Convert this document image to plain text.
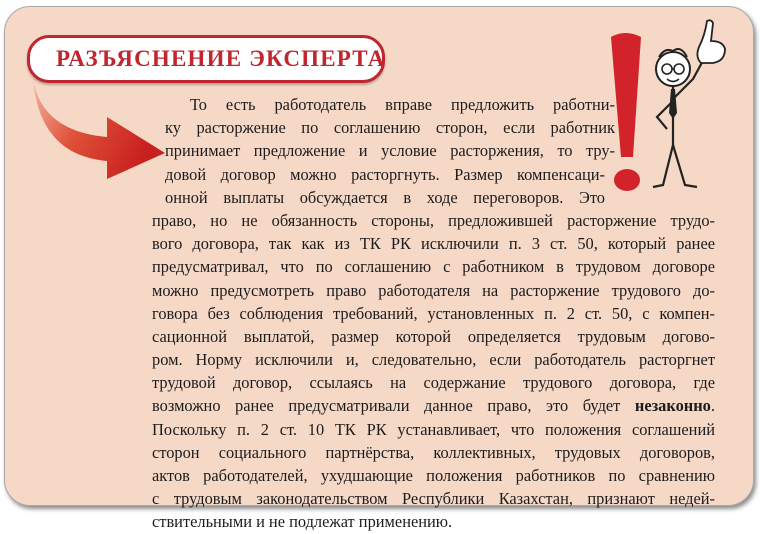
РАЗЪЯСНЕНИЕ ЭКСПЕРТА
То есть работодатель вправе предложить работни-
ку расторжение по соглашению сторон, если работник
принимает предложение и условие расторжения, то тру-
довой договор можно расторгнуть. Размер компенсаци-
онной выплаты обсуждается в ходе переговоров. Это
право, но не обязанность стороны, предложившей расторжение трудо-
вого договора, так как из ТК РК исключили п. 3 ст. 50, который ранее
предусматривал, что по соглашению с работником в трудовом договоре
можно предусмотреть право работодателя на расторжение трудового до-
говора без соблюдения требований, установленных п. 2 ст. 50, с компен-
сационной выплатой, размер которой определяется трудовым догово-
ром. Норму исключили и, следовательно, если работодатель расторгнет
трудовой договор, ссылаясь на содержание трудового договора, где
возможно ранее предусматривали данное право, это будет незаконно.
Поскольку п. 2 ст. 10 ТК РК устанавливает, что положения соглашений
сторон социального партнёрства, коллективных, трудовых договоров,
актов работодателей, ухудшающие положения работников по сравнению
с трудовым законодательством Республики Казахстан, признают недей-
ствительными и не подлежат применению.
